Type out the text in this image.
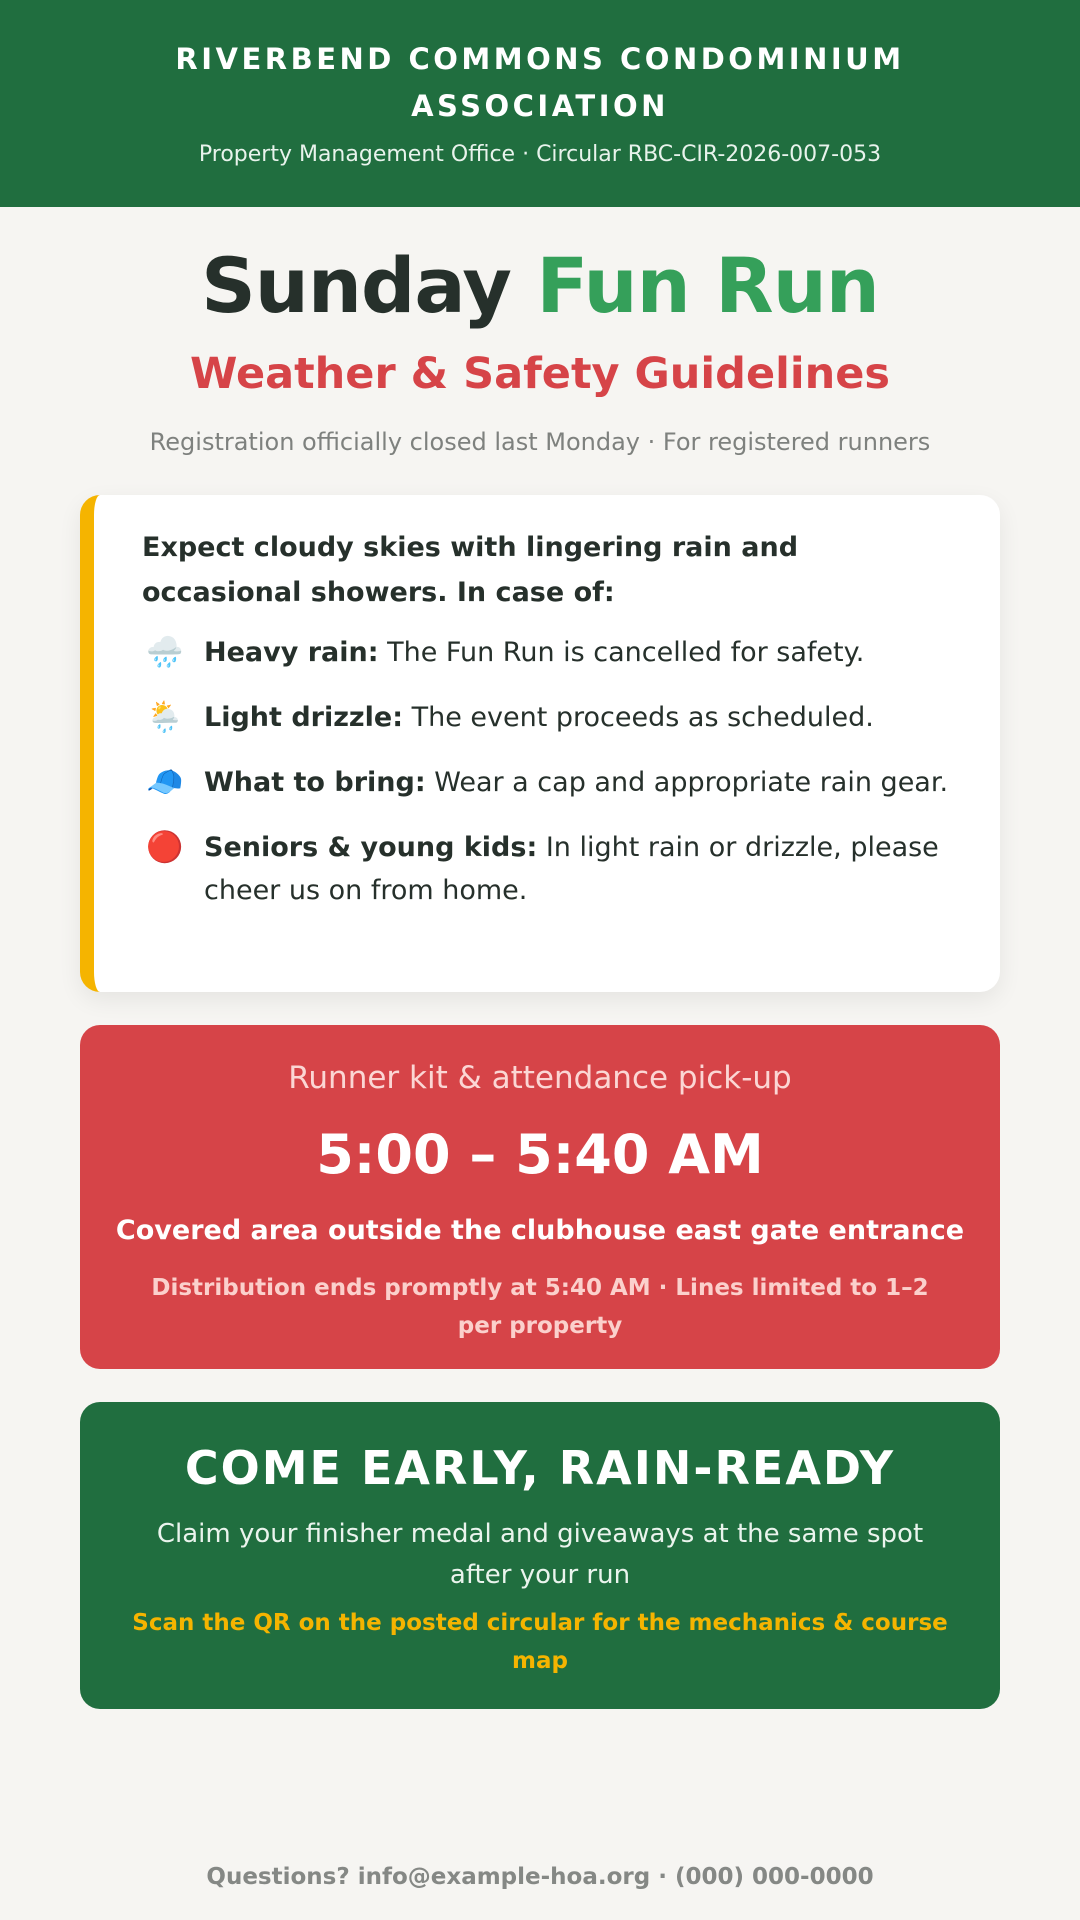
RIVERBEND COMMONS CONDOMINIUM ASSOCIATION
Property Management Office · Circular RBC-CIR-2026-007-053
Sunday Fun Run
Weather & Safety Guidelines

Registration officially closed last Monday · For registered runners

Expect cloudy skies with lingering rain and occasional showers. In case of:

🌧️ Heavy rain: The Fun Run is cancelled for safety.
🌦️ Light drizzle: The event proceeds as scheduled.
🧢 What to bring: Wear a cap and appropriate rain gear.
🔴 Seniors & young kids: In light rain or drizzle, please cheer us on from home.
Runner kit & attendance pick-up
5:00 – 5:40 AM
Covered area outside the clubhouse east gate entrance
Distribution ends promptly at 5:40 AM · Lines limited to 1–2 per property
COME EARLY, RAIN-READY
Claim your finisher medal and giveaways at the same spot after your run
Scan the QR on the posted circular for the mechanics & course map
Questions? info@example-hoa.org · (000) 000-0000
